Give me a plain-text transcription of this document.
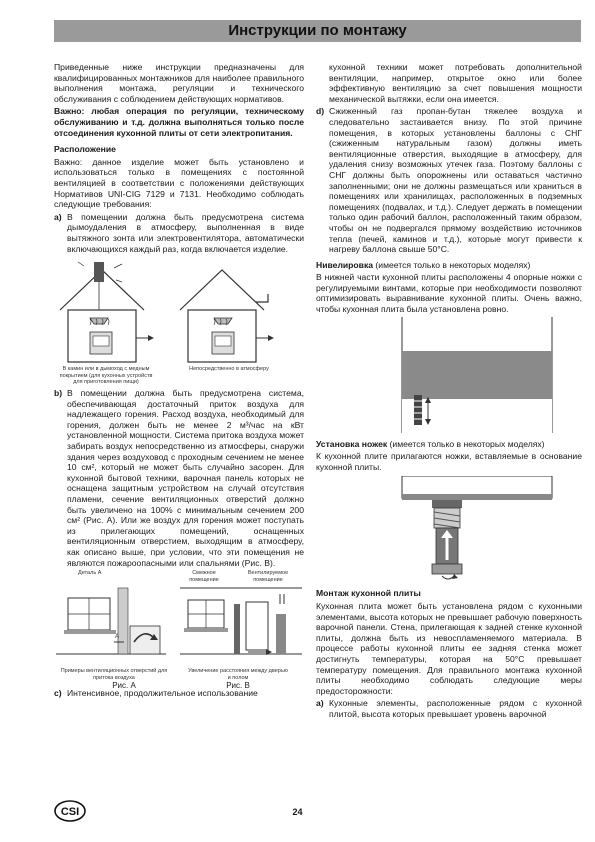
Инструкции по монтажу

Приведенные ниже инструкции предназначены для квалифицированных монтажников для наиболее правильного выполнения монтажа, регуляции и технического обслуживания с соблюдением действующих нормативов.

Важно: любая операция по регуляции, техническому обслуживанию и т.д. должна выполняться только после отсоединения кухонной плиты от сети электропитания.

Расположение

Важно: данное изделие может быть установлено и использоваться только в помещениях с постоянной вентиляцией в соответствии с положениями действующих Нормативов UNI-CIG 7129 и 7131. Необходимо соблюдать следующие требования:

a) В помещении должна быть предусмотрена система дымоудаления в атмосферу, выполненная в виде вытяжного зонта или электровентилятора, автоматически включающихся каждый раз, когда включается изделие.
В камин или в дымоход с медным покрытием (для кухонных устройств для приготовления пищи)
Непосредственно в атмосферу
b) В помещении должна быть предусмотрена система, обеспечивающая достаточный приток воздуха для надлежащего горения. Расход воздуха, необходимый для горения, должен быть не менее 2 м³/час на кВт установленной мощности. Система притока воздуха может забирать воздух непосредственно из атмосферы, снаружи здания через воздуховод с проходным сечением не менее 10 см², который не может быть случайно засорен. Для кухонной бытовой техники, варочная панель которых не оснащена защитным устройством на случай отсутствия пламени, сечение вентиляционных отверстий должно быть увеличено на 100% с минимальным сечением 200 см² (Рис. А). Или же воздух для горения может поступать из прилегающих помещений, оснащенных вентиляционным отверстием, выходящим в атмосферу, как описано выше, при условии, что эти помещения не являются пожароопасными или спальнями (Рис. В).
Деталь А	Смежное помещение
Вентилируемое помещение
А
Примеры вентиляционных отверстий для притока воздуха
Увеличение расстояния между дверью и полом
Рис. А	Рис. В
c) Интенсивное, продолжительное использование

кухонной техники может потребовать дополнительной вентиляции, например, открытое окно или более эффективную вентиляцию за счет повышения мощности механической вытяжки, если она имеется.

d) Сжиженный газ пропан-бутан тяжелее воздуха и следовательно застаивается внизу. По этой причине помещения, в которых установлены баллоны с СНГ (сжиженным натуральным газом) должны иметь вентиляционные отверстия, выходящие в атмосферу, для удаления снизу возможных утечек газа. Поэтому баллоны с СНГ должны быть опорожнены или оставаться частично заполненными; они не должны размещаться или храниться в помещениях или хранилищах, расположенных в подземных помещениях (подвалах, и т.д.). Следует держать в помещении только один рабочий баллон, расположенный таким образом, чтобы он не подвергался прямому воздействию источников тепла (печей, каминов и т.д.), которые могут привести к нагреву баллона свыше 50°С.

Нивелировка (имеется только в некоторых моделях)

В нижней части кухонной плиты расположены 4 опорные ножки с регулируемыми винтами, которые при необходимости позволяют оптимизировать выравнивание кухонной плиты. Очень важно, чтобы кухонная плита была установлена ровно.

Установка ножек (имеется только в некоторых моделях)

К кухонной плите прилагаются ножки, вставляемые в основание кухонной плиты.

Монтаж кухонной плиты

Кухонная плита может быть установлена рядом с кухонными элементами, высота которых не превышает рабочую поверхность варочной панели. Стена, прилегающая к задней стенке кухонной плиты, должна быть из невоспламеняемого материала. В процессе работы кухонной плиты ее задняя стенка может достигнуть температуры, которая на 50°С превышает температуру помещения. Для правильного монтажа кухонной плиты необходимо соблюдать следующие меры предосторожности:

a) Кухонные элементы, расположенные рядом с кухонной плитой, высота которых превышает уровень варочной
CSI	24
